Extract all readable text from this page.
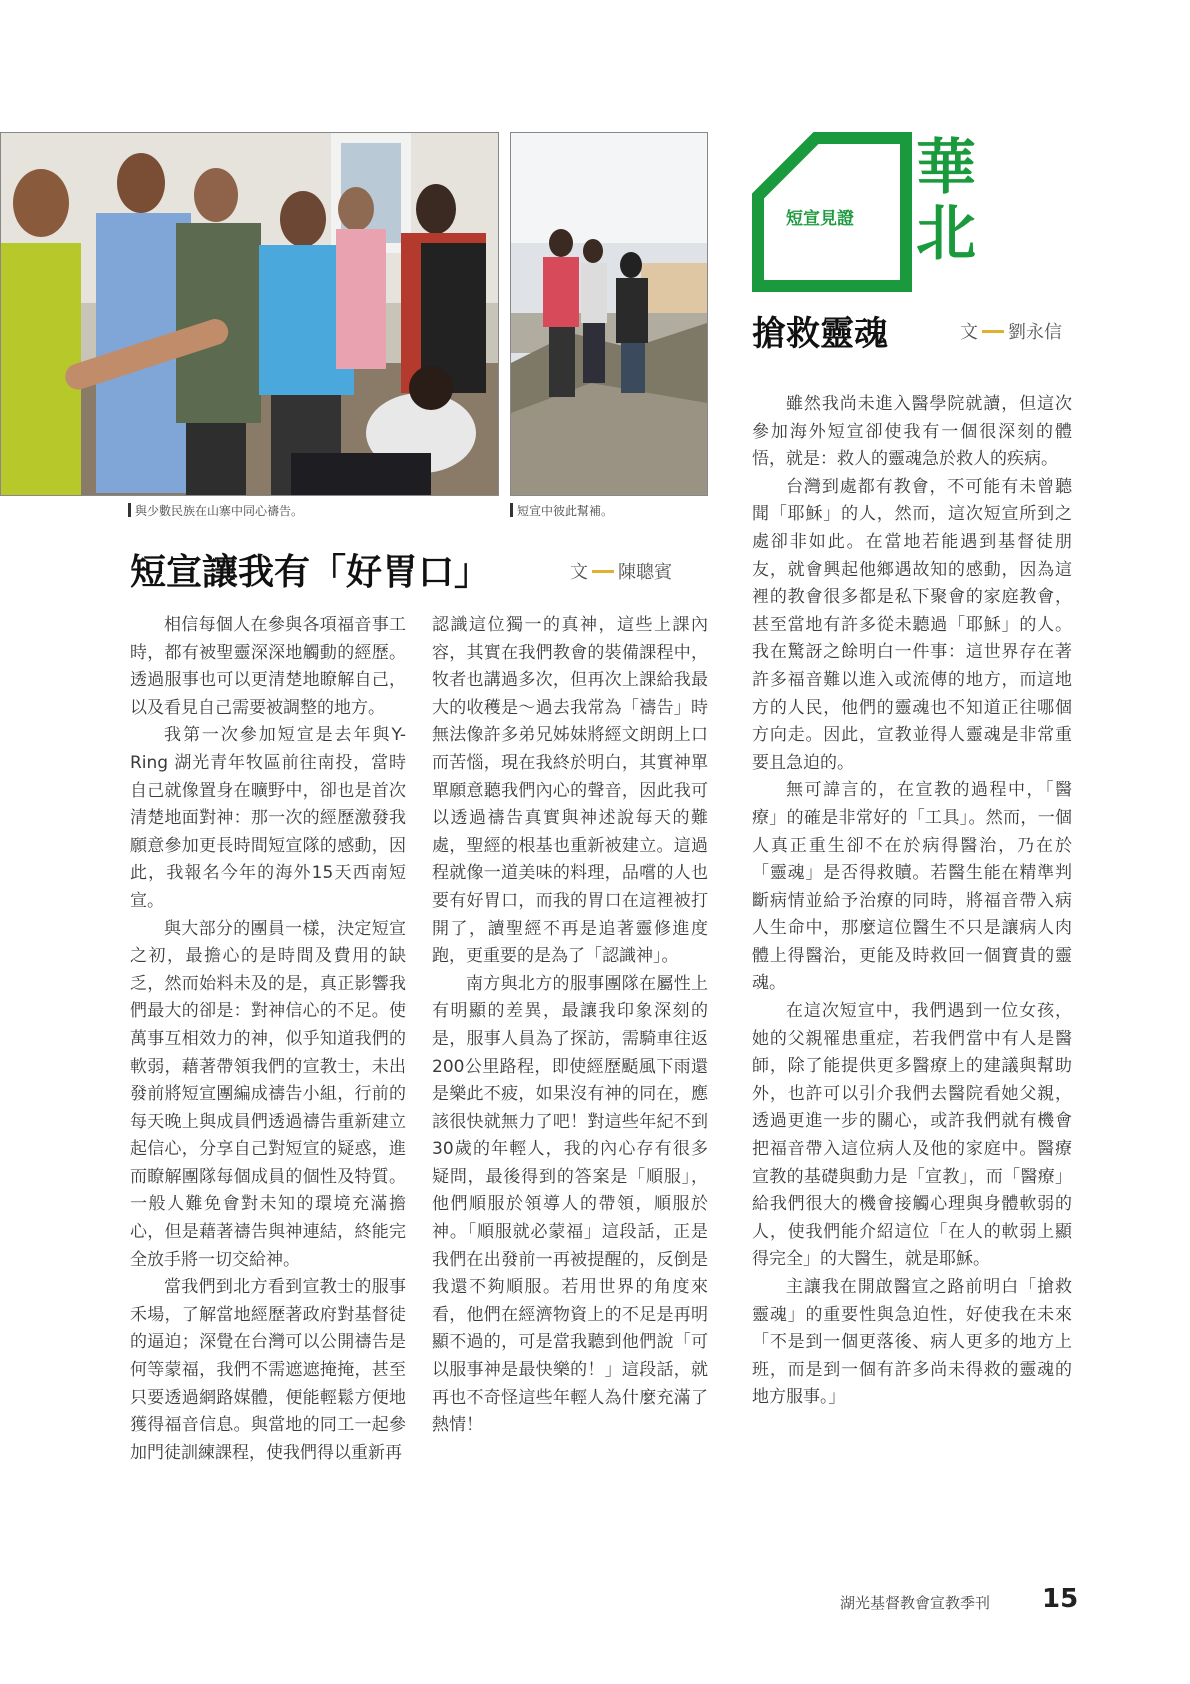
與少數民族在山寨中同心禱告。	短宣中彼此幫補。
短宣見證
華
北
搶救靈魂	文 劉永信
短宣讓我有「好胃口」	文 陳聰賓

相信每個人在參與各項福音事工時，都有被聖靈深深地觸動的經歷。透過服事也可以更清楚地瞭解自己，以及看見自己需要被調整的地方。

我第一次參加短宣是去年與Y-Ring 湖光青年牧區前往南投，當時自己就像置身在曠野中，卻也是首次清楚地面對神：那一次的經歷激發我願意參加更長時間短宣隊的感動，因此，我報名今年的海外15天西南短宣。

與大部分的團員一樣，決定短宣之初，最擔心的是時間及費用的缺乏，然而始料未及的是，真正影響我們最大的卻是：對神信心的不足。使萬事互相效力的神，似乎知道我們的軟弱，藉著帶領我們的宣教士，未出發前將短宣團編成禱告小組，行前的每天晚上與成員們透過禱告重新建立起信心，分享自己對短宣的疑惑，進而瞭解團隊每個成員的個性及特質。一般人難免會對未知的環境充滿擔心，但是藉著禱告與神連結，終能完全放手將一切交給神。

當我們到北方看到宣教士的服事禾場，了解當地經歷著政府對基督徒的逼迫；深覺在台灣可以公開禱告是何等蒙福，我們不需遮遮掩掩，甚至只要透過網路媒體，便能輕鬆方便地獲得福音信息。與當地的同工一起參加門徒訓練課程，使我們得以重新再

認識這位獨一的真神，這些上課內容，其實在我們教會的裝備課程中，牧者也講過多次，但再次上課給我最大的收穫是～過去我常為「禱告」時無法像許多弟兄姊妹將經文朗朗上口而苦惱，現在我終於明白，其實神單單願意聽我們內心的聲音，因此我可以透過禱告真實與神述說每天的難處，聖經的根基也重新被建立。這過程就像一道美味的料理，品嚐的人也要有好胃口，而我的胃口在這裡被打開了，讀聖經不再是追著靈修進度跑，更重要的是為了「認識神」。

南方與北方的服事團隊在屬性上有明顯的差異，最讓我印象深刻的是，服事人員為了探訪，需騎車往返200公里路程，即使經歷颳風下雨還是樂此不疲，如果沒有神的同在，應該很快就無力了吧！對這些年紀不到30歲的年輕人，我的內心存有很多疑問，最後得到的答案是「順服」，他們順服於領導人的帶領，順服於神。「順服就必蒙福」這段話，正是我們在出發前一再被提醒的，反倒是我還不夠順服。若用世界的角度來看，他們在經濟物資上的不足是再明顯不過的，可是當我聽到他們說「可以服事神是最快樂的！」這段話，就再也不奇怪這些年輕人為什麼充滿了熱情！

雖然我尚未進入醫學院就讀，但這次參加海外短宣卻使我有一個很深刻的體悟，就是：救人的靈魂急於救人的疾病。

台灣到處都有教會，不可能有未曾聽聞「耶穌」的人，然而，這次短宣所到之處卻非如此。在當地若能遇到基督徒朋友，就會興起他鄉遇故知的感動，因為這裡的教會很多都是私下聚會的家庭教會，甚至當地有許多從未聽過「耶穌」的人。我在驚訝之餘明白一件事：這世界存在著許多福音難以進入或流傳的地方，而這地方的人民，他們的靈魂也不知道正往哪個方向走。因此，宣教並得人靈魂是非常重要且急迫的。

無可諱言的，在宣教的過程中，「醫療」的確是非常好的「工具」。然而，一個人真正重生卻不在於病得醫治，乃在於「靈魂」是否得救贖。若醫生能在精準判斷病情並給予治療的同時，將福音帶入病人生命中，那麼這位醫生不只是讓病人肉體上得醫治，更能及時救回一個寶貴的靈魂。

在這次短宣中，我們遇到一位女孩，她的父親罹患重症，若我們當中有人是醫師，除了能提供更多醫療上的建議與幫助外，也許可以引介我們去醫院看她父親，透過更進一步的關心，或許我們就有機會把福音帶入這位病人及他的家庭中。醫療宣教的基礎與動力是「宣教」，而「醫療」給我們很大的機會接觸心理與身體軟弱的人，使我們能介紹這位「在人的軟弱上顯得完全」的大醫生，就是耶穌。

主讓我在開啟醫宣之路前明白「搶救靈魂」的重要性與急迫性，好使我在未來「不是到一個更落後、病人更多的地方上班，而是到一個有許多尚未得救的靈魂的地方服事。」

湖光基督教會宣教季刊 15
